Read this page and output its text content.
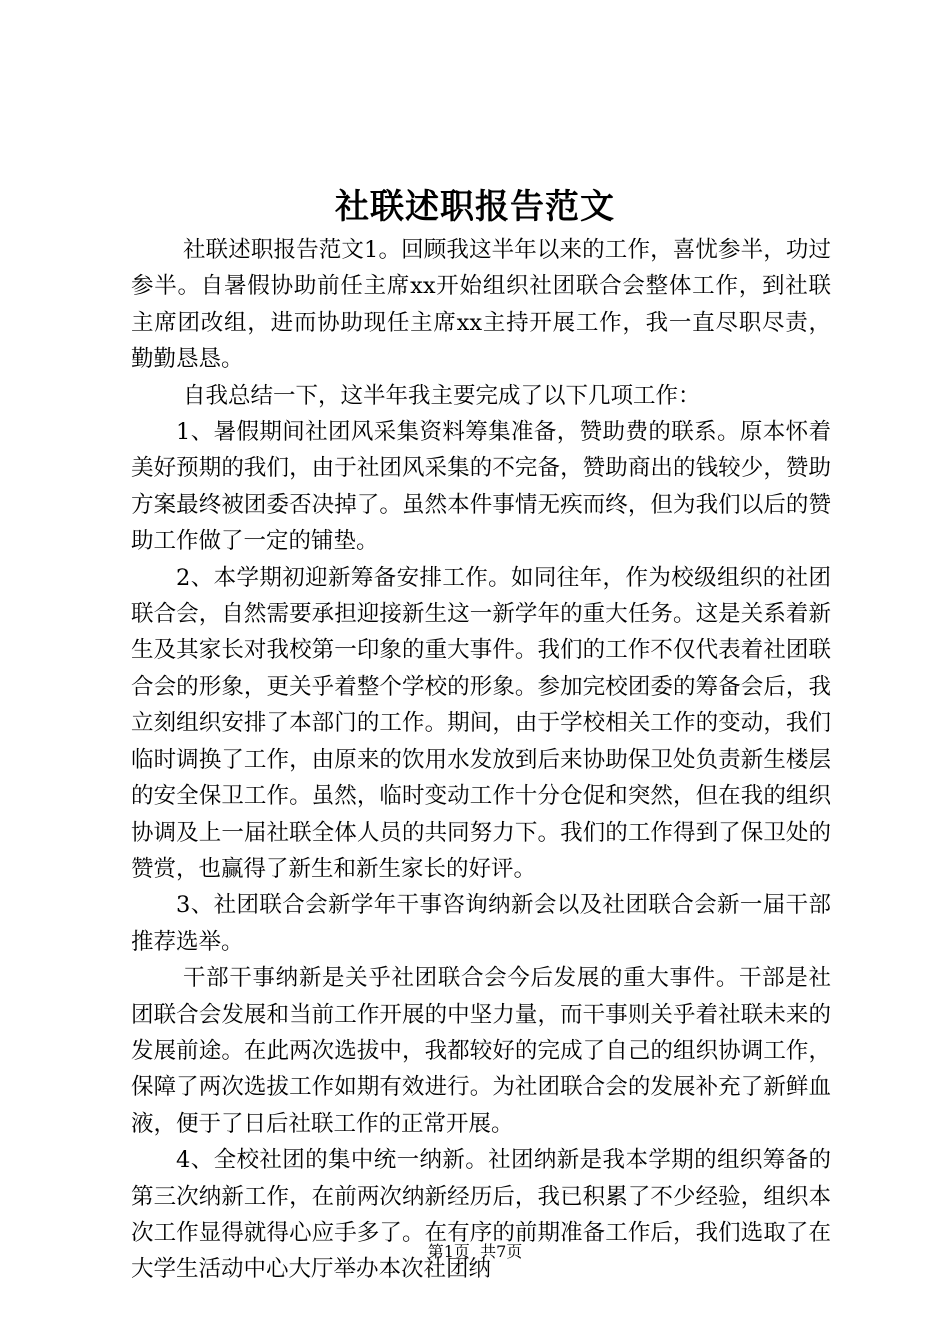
社联述职报告范文

社联述职报告范文1。回顾我这半年以来的工作，喜忧参半，功过参半。自暑假协助前任主席xx开始组织社团联合会整体工作，到社联主席团改组，进而协助现任主席xx主持开展工作，我一直尽职尽责，勤勤恳恳。

自我总结一下，这半年我主要完成了以下几项工作：

1、暑假期间社团风采集资料筹集准备，赞助费的联系。原本怀着美好预期的我们，由于社团风采集的不完备，赞助商出的钱较少，赞助方案最终被团委否决掉了。虽然本件事情无疾而终，但为我们以后的赞助工作做了一定的铺垫。

2、本学期初迎新筹备安排工作。如同往年，作为校级组织的社团联合会，自然需要承担迎接新生这一新学年的重大任务。这是关系着新生及其家长对我校第一印象的重大事件。我们的工作不仅代表着社团联合会的形象，更关乎着整个学校的形象。参加完校团委的筹备会后，我立刻组织安排了本部门的工作。期间，由于学校相关工作的变动，我们临时调换了工作，由原来的饮用水发放到后来协助保卫处负责新生楼层的安全保卫工作。虽然，临时变动工作十分仓促和突然，但在我的组织协调及上一届社联全体人员的共同努力下。我们的工作得到了保卫处的赞赏，也赢得了新生和新生家长的好评。

3、社团联合会新学年干事咨询纳新会以及社团联合会新一届干部推荐选举。

干部干事纳新是关乎社团联合会今后发展的重大事件。干部是社团联合会发展和当前工作开展的中坚力量，而干事则关乎着社联未来的发展前途。在此两次选拔中，我都较好的完成了自己的组织协调工作，保障了两次选拔工作如期有效进行。为社团联合会的发展补充了新鲜血液，便于了日后社联工作的正常开展。

4、全校社团的集中统一纳新。社团纳新是我本学期的组织筹备的第三次纳新工作，在前两次纳新经历后，我已积累了不少经验，组织本次工作显得就得心应手多了。在有序的前期准备工作后，我们选取了在大学生活动中心大厅举办本次社团纳

第1页 共7页
